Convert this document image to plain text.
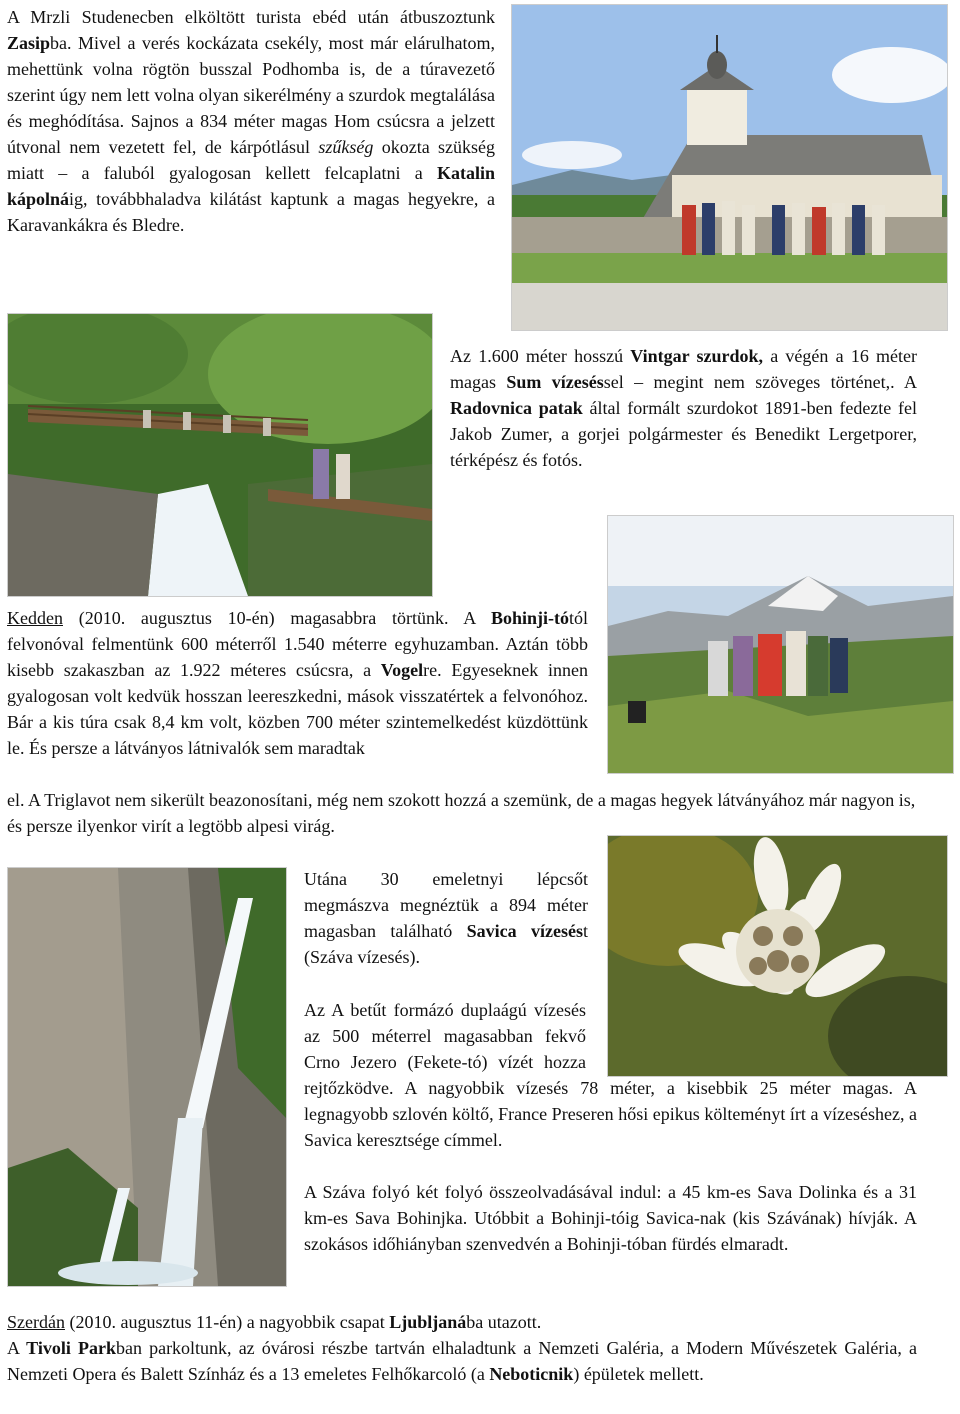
A Mrzli Studenecben elköltött turista ebéd után átbuszoztunk Zasipba. Mivel a verés kockázata csekély, most már elárulhatom, mehettünk volna rögtön busszal Podhomba is, de a túravezető szerint úgy nem lett volna olyan sikerélmény a szurdok megtalálása és meghódítása. Sajnos a 834 méter magas Hom csúcsra a jelzett útvonal nem vezetett fel, de kárpótlásul szűkség okozta szükség miatt – a faluból gyalogosan kellett felcaplatni a Katalin kápolnáig, továbbhaladva kilátást kaptunk a magas hegyekre, a Karavankákra és Bledre.

Az 1.600 méter hosszú Vintgar szurdok, a végén a 16 méter magas Sum vízeséssel – megint nem szöveges történet,. A Radovnica patak által formált szurdokot 1891-ben fedezte fel Jakob Zumer, a gorjei polgármester és Benedikt Lergetporer, térképész és fotós.

Kedden (2010. augusztus 10-én) magasabbra törtünk. A Bohinji-tótól felvonóval felmentünk 600 méterről 1.540 méterre egyhuzamban. Aztán több kisebb szakaszban az 1.922 méteres csúcsra, a Vogelre. Egyeseknek innen gyalogosan volt kedvük hosszan leereszkedni, mások visszatértek a felvonóhoz. Bár a kis túra csak 8,4 km volt, közben 700 méter szintemelkedést küzdöttünk le. És persze a látványos látnivalók sem maradtak

el. A Triglavot nem sikerült beazonosítani, még nem szokott hozzá a szemünk, de a magas hegyek látványához már nagyon is, és persze ilyenkor virít a legtöbb alpesi virág.

Utána 30 emeletnyi lépcsőt megmászva megnéztük a 894 méter magasban található Savica vízesést (Száva vízesés).
Az A betűt formázó duplaágú vízesés az 500 méterrel magasabban fekvő Crno Jezero (Fekete-tó) vízét hozza rejtőzködve. A nagyobbik vízesés 78 méter, a kisebbik 25 méter magas. A legnagyobb szlovén költő, France Preseren hősi epikus költeményt írt a vízeséshez, a Savica keresztsége címmel.
A Száva folyó két folyó összeolvadásával indul: a 45 km-es Sava Dolinka és a 31 km-es Sava Bohinjka. Utóbbit a Bohinji-tóig Savica-nak (kis Szávának) hívják. A szokásos időhiányban szenvedvén a Bohinji-tóban fürdés elmaradt.

Szerdán (2010. augusztus 11-én) a nagyobbik csapat Ljubljanába utazott.

A Tivoli Parkban parkoltunk, az óvárosi részbe tartván elhaladtunk a Nemzeti Galéria, a Modern Művészetek Galéria, a Nemzeti Opera és Balett Színház és a 13 emeletes Felhőkarcoló (a Neboticnik) épületek mellett.
